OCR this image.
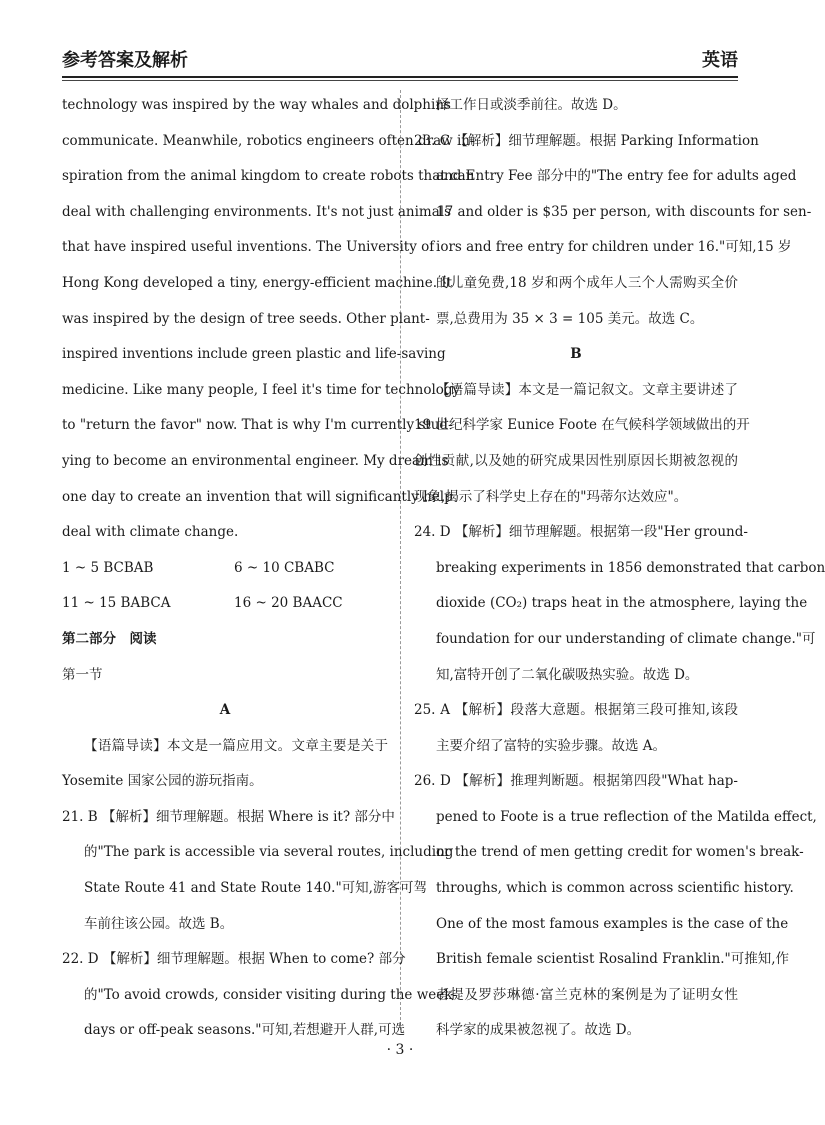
参考答案及解析	英语
technology was inspired by the way whales and dolphins
communicate. Meanwhile, robotics engineers often draw in-
spiration from the animal kingdom to create robots that can
deal with challenging environments. It's not just animals
that have inspired useful inventions. The University of
Hong Kong developed a tiny, energy-efficient machine. It
was inspired by the design of tree seeds. Other plant-
inspired inventions include green plastic and life-saving
medicine. Like many people, I feel it's time for technology
to "return the favor" now. That is why I'm currently stud-
ying to become an environmental engineer. My dream is
one day to create an invention that will significantly help
deal with climate change.
1 ~ 5 BCBAB	6 ~ 10 CBABC
11 ~ 15 BABCA	16 ~ 20 BAACC
第二部分　阅读
第一节
A
【语篇导读】本文是一篇应用文。文章主要是关于
Yosemite 国家公园的游玩指南。
21. B 【解析】细节理解题。根据 Where is it? 部分中
的"The park is accessible via several routes, including
State Route 41 and State Route 140."可知,游客可驾
车前往该公园。故选 B。
22. D 【解析】细节理解题。根据 When to come? 部分
的"To avoid crowds, consider visiting during the week-
days or off-peak seasons."可知,若想避开人群,可选
择工作日或淡季前往。故选 D。
23. C 【解析】细节理解题。根据 Parking Information
and Entry Fee 部分中的"The entry fee for adults aged
17 and older is $35 per person, with discounts for sen-
iors and free entry for children under 16."可知,15 岁
的儿童免费,18 岁和两个成年人三个人需购买全价
票,总费用为 35 × 3 = 105 美元。故选 C。
B
【语篇导读】本文是一篇记叙文。文章主要讲述了
19 世纪科学家 Eunice Foote 在气候科学领域做出的开
创性贡献,以及她的研究成果因性别原因长期被忽视的
现象,揭示了科学史上存在的"玛蒂尔达效应"。
24. D 【解析】细节理解题。根据第一段"Her ground-
breaking experiments in 1856 demonstrated that carbon
dioxide (CO₂) traps heat in the atmosphere, laying the
foundation for our understanding of climate change."可
知,富特开创了二氧化碳吸热实验。故选 D。
25. A 【解析】段落大意题。根据第三段可推知,该段
主要介绍了富特的实验步骤。故选 A。
26. D 【解析】推理判断题。根据第四段"What hap-
pened to Foote is a true reflection of the Matilda effect,
or the trend of men getting credit for women's break-
throughs, which is common across scientific history.
One of the most famous examples is the case of the
British female scientist Rosalind Franklin."可推知,作
者提及罗莎琳德·富兰克林的案例是为了证明女性
科学家的成果被忽视了。故选 D。
· 3 ·
